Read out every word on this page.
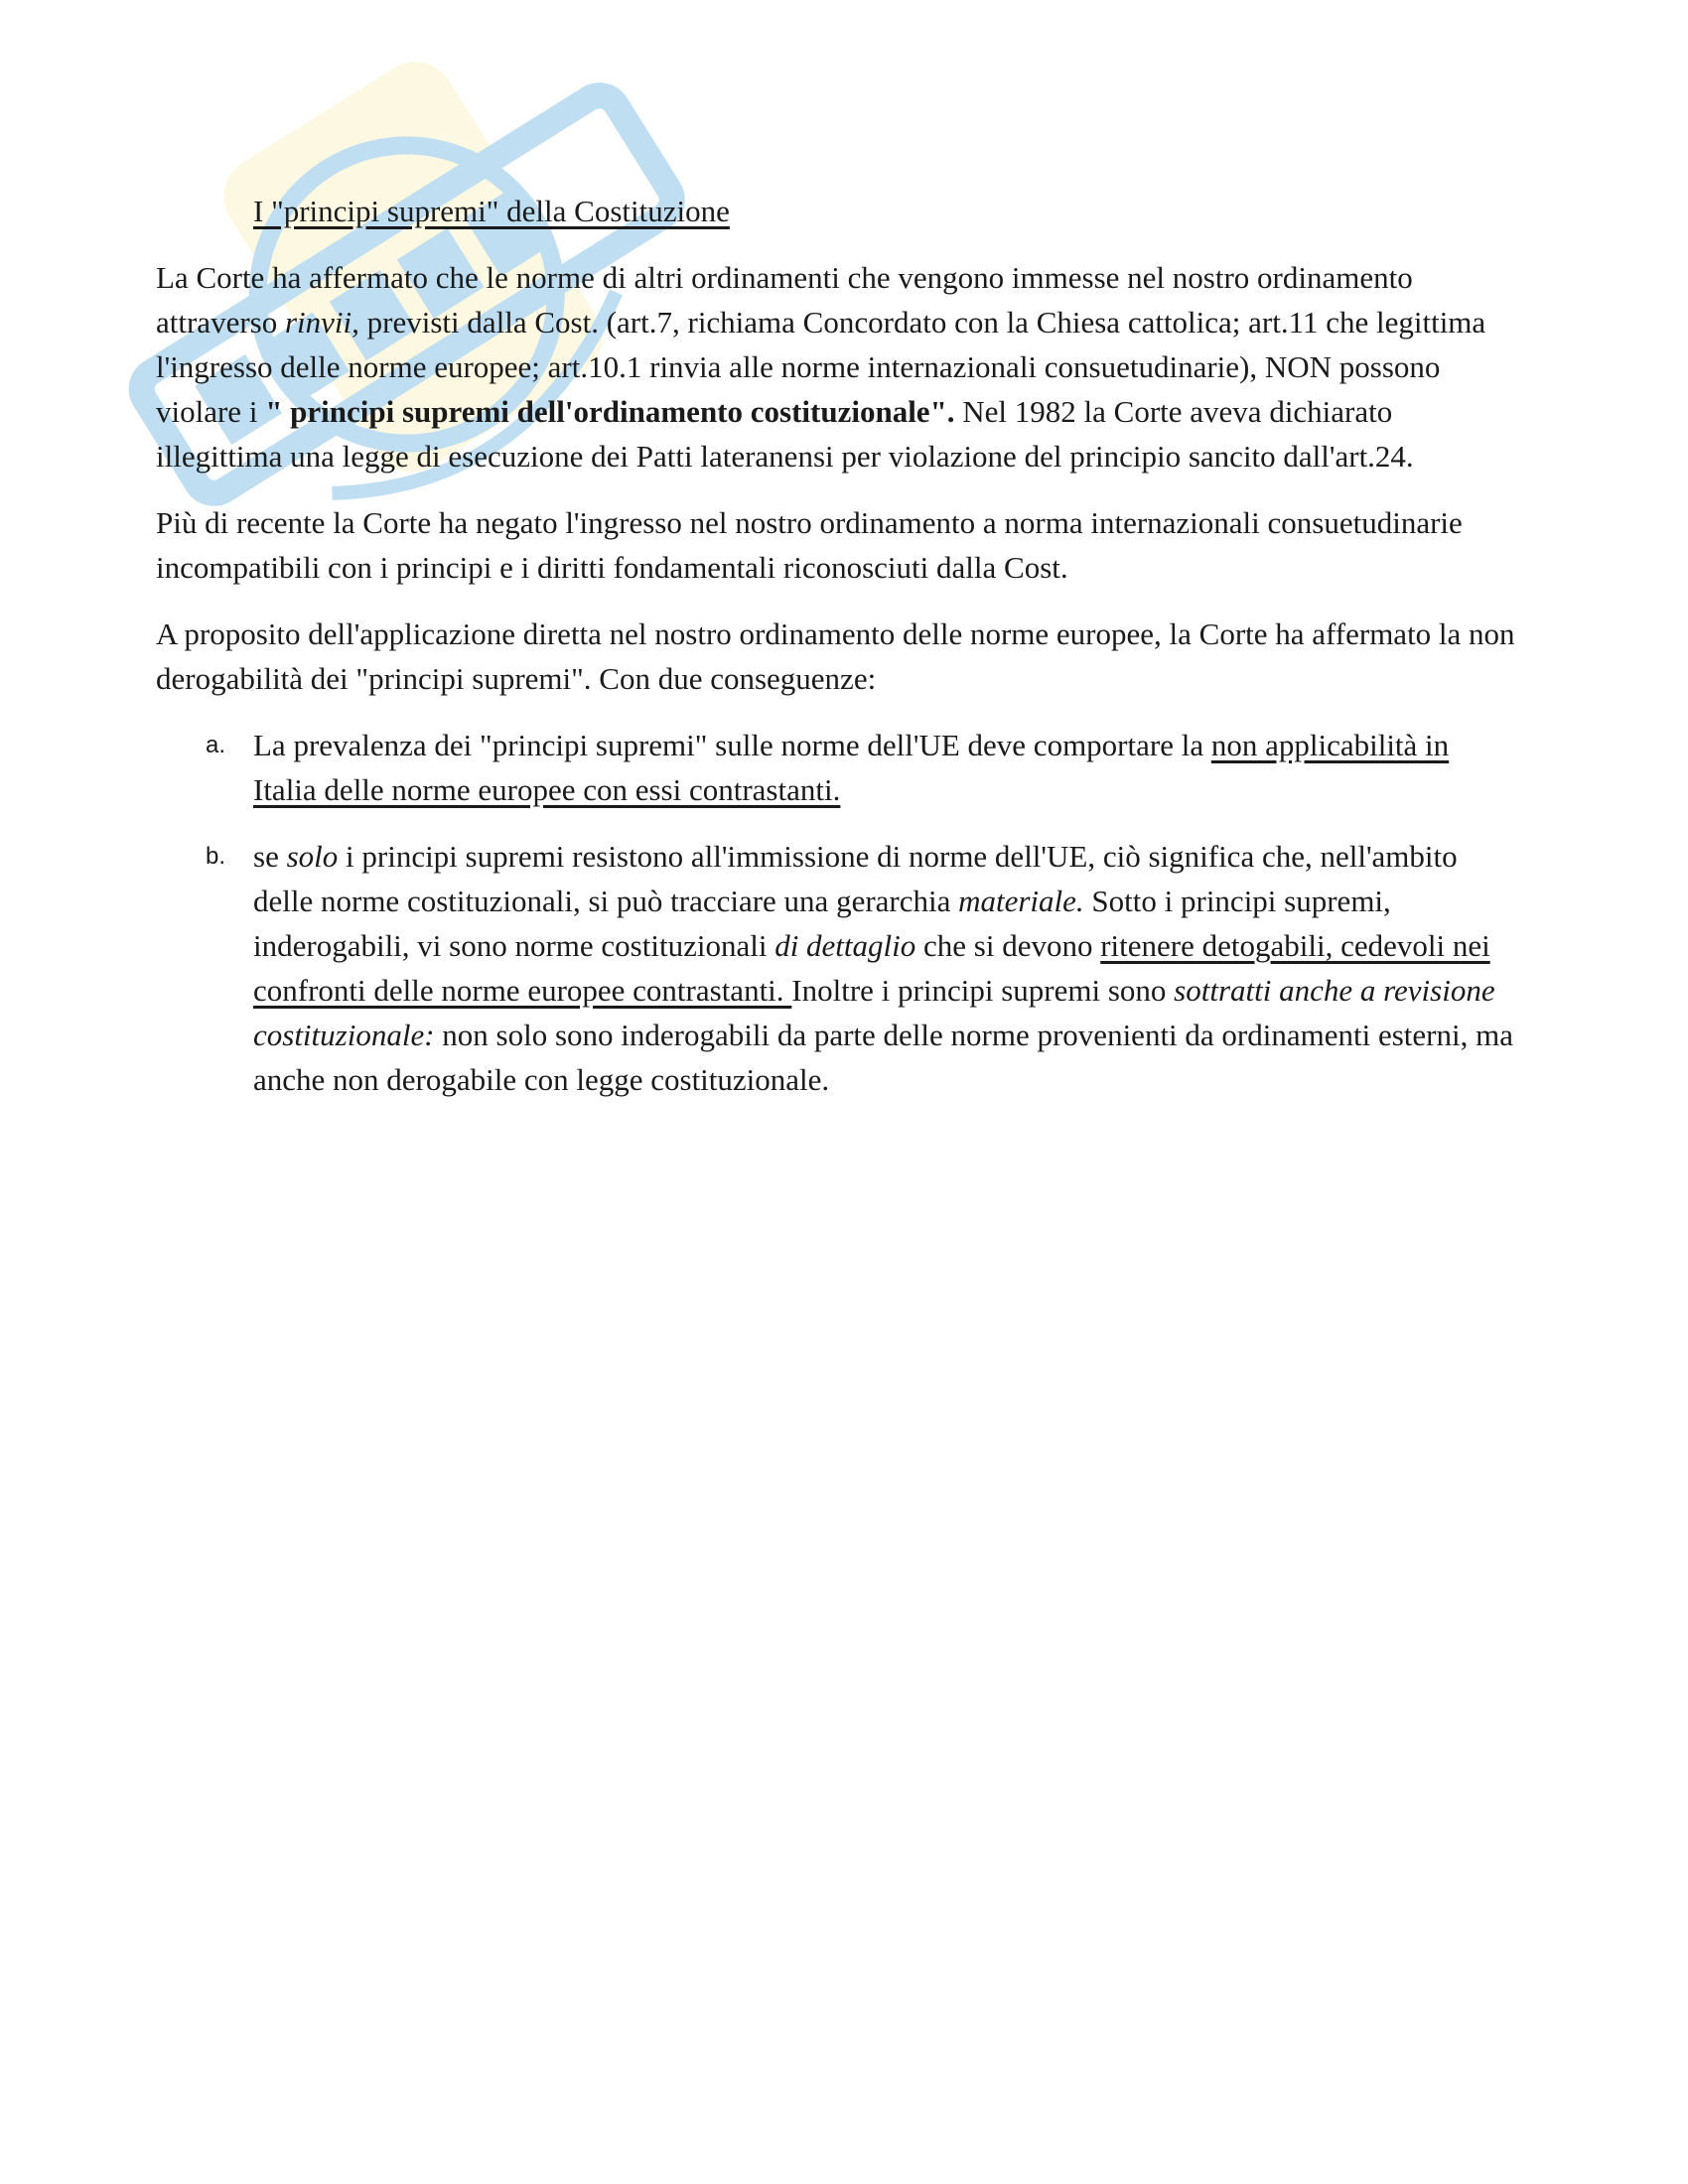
I "principi supremi" della Costituzione

La Corte ha affermato che le norme di altri ordinamenti che vengono immesse nel nostro ordinamento attraverso rinvii, previsti dalla Cost. (art.7, richiama Concordato con la Chiesa cattolica; art.11 che legittima l'ingresso delle norme europee; art.10.1 rinvia alle norme internazionali consuetudinarie), NON possono violare i " principi supremi dell'ordinamento costituzionale". Nel 1982 la Corte aveva dichiarato illegittima una legge di esecuzione dei Patti lateranensi per violazione del principio sancito dall'art.24.

Più di recente la Corte ha negato l'ingresso nel nostro ordinamento a norma internazionali consuetudinarie incompatibili con i principi e i diritti fondamentali riconosciuti dalla Cost.

A proposito dell'applicazione diretta nel nostro ordinamento delle norme europee, la Corte ha affermato la non derogabilità dei "principi supremi". Con due conseguenze:

a. La prevalenza dei "principi supremi" sulle norme dell'UE deve comportare la non applicabilità in Italia delle norme europee con essi contrastanti.
b. se solo i principi supremi resistono all'immissione di norme dell'UE, ciò significa che, nell'ambito delle norme costituzionali, si può tracciare una gerarchia materiale. Sotto i principi supremi, inderogabili, vi sono norme costituzionali di dettaglio che si devono ritenere detogabili, cedevoli nei confronti delle norme europee contrastanti. Inoltre i principi supremi sono sottratti anche a revisione costituzionale: non solo sono inderogabili da parte delle norme provenienti da ordinamenti esterni, ma anche non derogabile con legge costituzionale.
